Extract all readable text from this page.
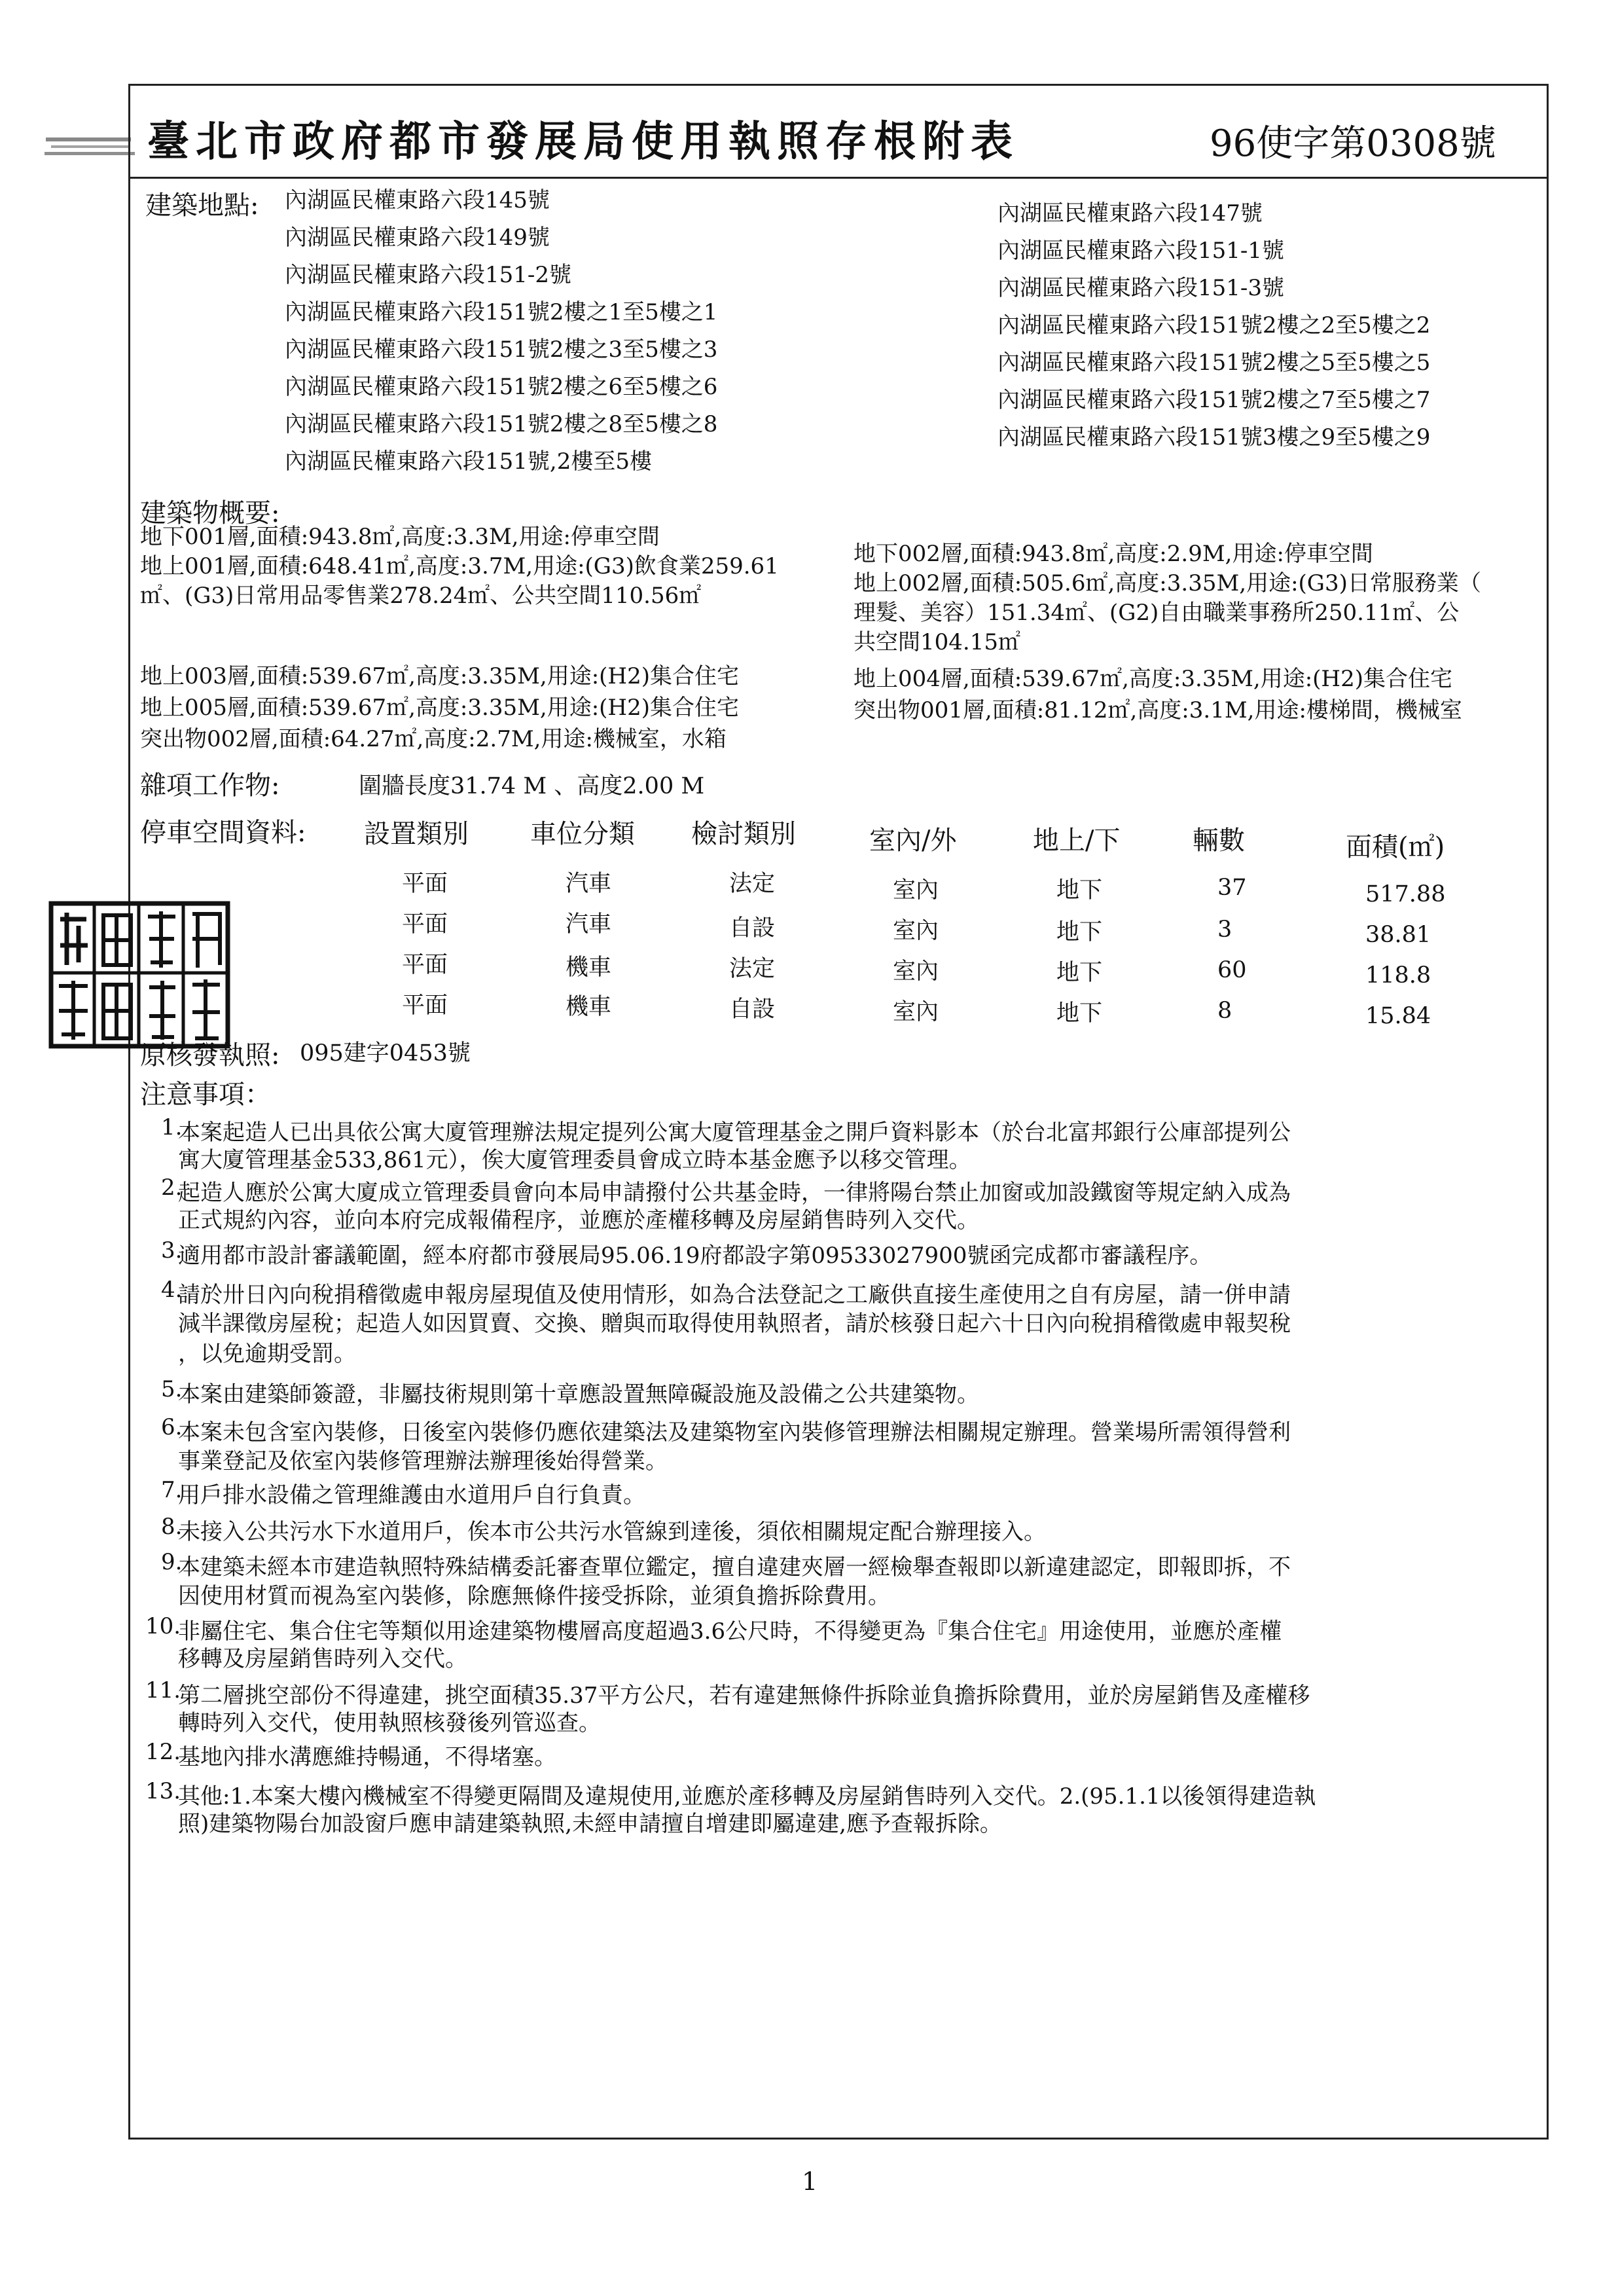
臺北市政府都市發展局使用執照存根附表	96使字第0308號
建築地點: 內湖區民權東路六段145號
內湖區民權東路六段149號
內湖區民權東路六段151-2號
內湖區民權東路六段151號2樓之1至5樓之1
內湖區民權東路六段151號2樓之3至5樓之3
內湖區民權東路六段151號2樓之6至5樓之6
內湖區民權東路六段151號2樓之8至5樓之8
內湖區民權東路六段151號,2樓至5樓
內湖區民權東路六段147號
內湖區民權東路六段151-1號
內湖區民權東路六段151-3號
內湖區民權東路六段151號2樓之2至5樓之2
內湖區民權東路六段151號2樓之5至5樓之5
內湖區民權東路六段151號2樓之7至5樓之7
內湖區民權東路六段151號3樓之9至5樓之9
建築物概要:
地下001層,面積:943.8㎡,高度:3.3M,用途:停車空間
地上001層,面積:648.41㎡,高度:3.7M,用途:(G3)飲食業259.61
㎡、(G3)日常用品零售業278.24㎡、公共空間110.56㎡
地上003層,面積:539.67㎡,高度:3.35M,用途:(H2)集合住宅
地上005層,面積:539.67㎡,高度:3.35M,用途:(H2)集合住宅
突出物002層,面積:64.27㎡,高度:2.7M,用途:機械室，水箱
地下002層,面積:943.8㎡,高度:2.9M,用途:停車空間
地上002層,面積:505.6㎡,高度:3.35M,用途:(G3)日常服務業（
理髮、美容）151.34㎡、(G2)自由職業事務所250.11㎡、公
共空間104.15㎡
地上004層,面積:539.67㎡,高度:3.35M,用途:(H2)集合住宅
突出物001層,面積:81.12㎡,高度:3.1M,用途:樓梯間，機械室
雜項工作物:	圍牆長度31.74 M 、高度2.00 M
停車空間資料: 設置類別 車位分類 檢討類別	室內/外	地上/下	輛數	面積(㎡)
平面	汽車	法定	室內	地下	37	517.88
平面	汽車	自設	室內	地下	3	38.81
平面	機車	法定	室內	地下	60	118.8
平面	機車	自設	室內	地下	8	15.84
原核發執照: 095建字0453號
注意事項：
1.
本案起造人已出具依公寓大廈管理辦法規定提列公寓大廈管理基金之開戶資料影本（於台北富邦銀行公庫部提列公
寓大廈管理基金533,861元），俟大廈管理委員會成立時本基金應予以移交管理。
2.
起造人應於公寓大廈成立管理委員會向本局申請撥付公共基金時，一律將陽台禁止加窗或加設鐵窗等規定納入成為
正式規約內容，並向本府完成報備程序，並應於產權移轉及房屋銷售時列入交代。
3.
適用都市設計審議範圍，經本府都市發展局95.06.19府都設字第09533027900號函完成都市審議程序。
4.
請於卅日內向稅捐稽徵處申報房屋現值及使用情形，如為合法登記之工廠供直接生產使用之自有房屋，請一併申請
減半課徵房屋稅；起造人如因買賣、交換、贈與而取得使用執照者，請於核發日起六十日內向稅捐稽徵處申報契稅
，以免逾期受罰。
5.
本案由建築師簽證，非屬技術規則第十章應設置無障礙設施及設備之公共建築物。
6.
本案未包含室內裝修，日後室內裝修仍應依建築法及建築物室內裝修管理辦法相關規定辦理。營業場所需領得營利
事業登記及依室內裝修管理辦法辦理後始得營業。
7.
用戶排水設備之管理維護由水道用戶自行負責。
8.
未接入公共污水下水道用戶，俟本市公共污水管線到達後，須依相關規定配合辦理接入。
9.
本建築未經本市建造執照特殊結構委託審查單位鑑定，擅自違建夾層一經檢舉查報即以新違建認定，即報即拆，不
因使用材質而視為室內裝修，除應無條件接受拆除，並須負擔拆除費用。
10.
非屬住宅、集合住宅等類似用途建築物樓層高度超過3.6公尺時，不得變更為『集合住宅』用途使用，並應於產權
移轉及房屋銷售時列入交代。
11.
第二層挑空部份不得違建，挑空面積35.37平方公尺，若有違建無條件拆除並負擔拆除費用，並於房屋銷售及產權移
轉時列入交代，使用執照核發後列管巡查。
12.
基地內排水溝應維持暢通，不得堵塞。
13.
其他:1.本案大樓內機械室不得變更隔間及違規使用,並應於產移轉及房屋銷售時列入交代。2.(95.1.1以後領得建造執
照)建築物陽台加設窗戶應申請建築執照,未經申請擅自增建即屬違建,應予查報拆除。
1
